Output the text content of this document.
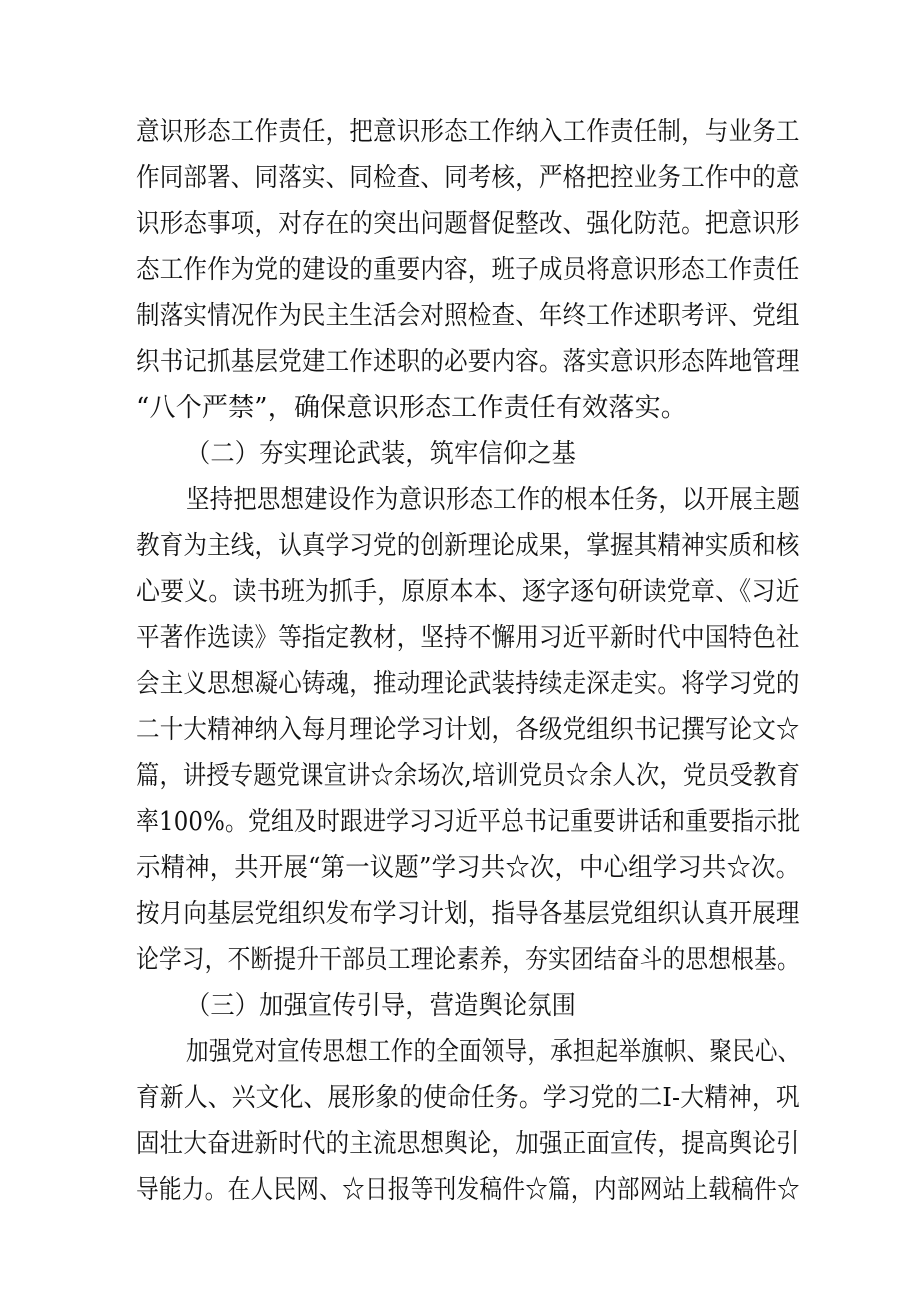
意识形态工作责任，把意识形态工作纳入工作责任制，与业务工
作同部署、同落实、同检查、同考核，严格把控业务工作中的意
识形态事项，对存在的突出问题督促整改、强化防范。把意识形
态工作作为党的建设的重要内容，班子成员将意识形态工作责任
制落实情况作为民主生活会对照检查、年终工作述职考评、党组
织书记抓基层党建工作述职的必要内容。落实意识形态阵地管理
“八个严禁”，确保意识形态工作责任有效落实。
（二）夯实理论武装，筑牢信仰之基
坚持把思想建设作为意识形态工作的根本任务，以开展主题
教育为主线，认真学习党的创新理论成果，掌握其精神实质和核
心要义。读书班为抓手，原原本本、逐字逐句研读党章、《习近
平著作选读》等指定教材，坚持不懈用习近平新时代中国特色社
会主义思想凝心铸魂，推动理论武装持续走深走实。将学习党的
二十大精神纳入每月理论学习计划，各级党组织书记撰写论文☆
篇，讲授专题党课宣讲☆余场次,培训党员☆余人次，党员受教育
率100%。党组及时跟进学习习近平总书记重要讲话和重要指示批
示精神，共开展“第一议题”学习共☆次，中心组学习共☆次。
按月向基层党组织发布学习计划，指导各基层党组织认真开展理
论学习，不断提升干部员工理论素养，夯实团结奋斗的思想根基。
（三）加强宣传引导，营造舆论氛围
加强党对宣传思想工作的全面领导，承担起举旗帜、聚民心、
育新人、兴文化、展形象的使命任务。学习党的二I-大精神，巩
固壮大奋进新时代的主流思想舆论，加强正面宣传，提高舆论引
导能力。在人民网、☆日报等刊发稿件☆篇，内部网站上载稿件☆
